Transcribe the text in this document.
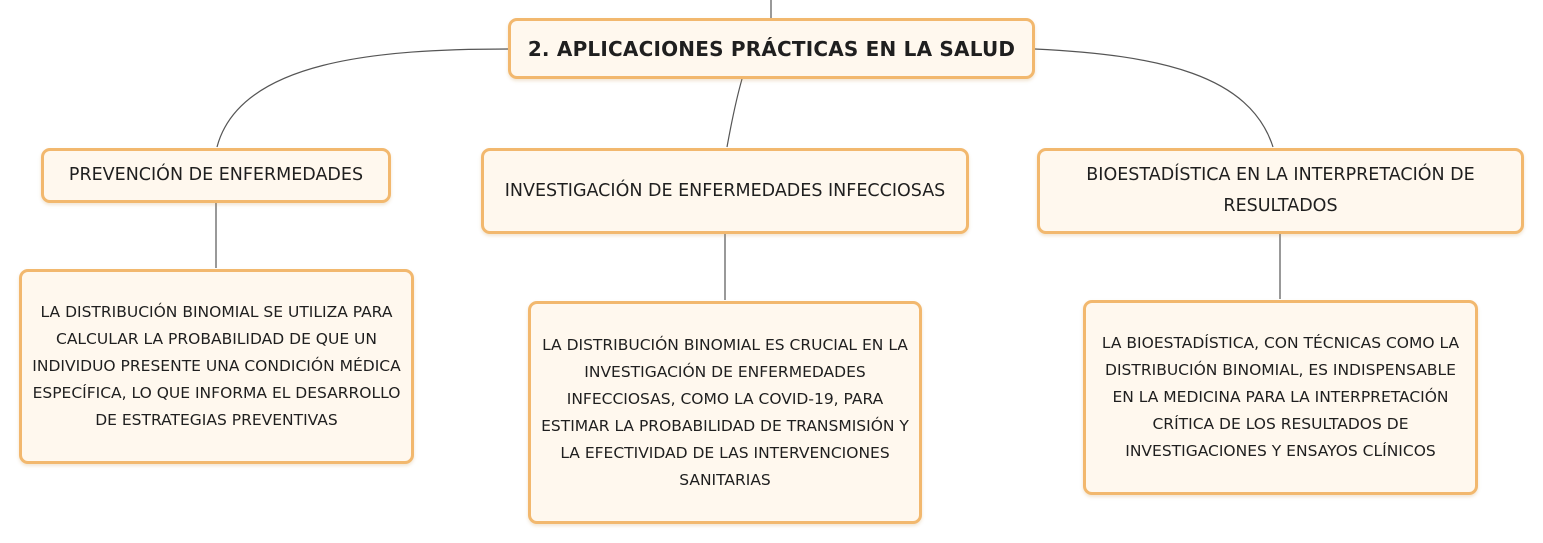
2. APLICACIONES PRÁCTICAS EN LA SALUD
PREVENCIÓN DE ENFERMEDADES
INVESTIGACIÓN DE ENFERMEDADES INFECCIOSAS
BIOESTADÍSTICA EN LA INTERPRETACIÓN DE RESULTADOS
LA DISTRIBUCIÓN BINOMIAL SE UTILIZA PARA CALCULAR LA PROBABILIDAD DE QUE UN INDIVIDUO PRESENTE UNA CONDICIÓN MÉDICA ESPECÍFICA, LO QUE INFORMA EL DESARROLLO DE ESTRATEGIAS PREVENTIVAS
LA DISTRIBUCIÓN BINOMIAL ES CRUCIAL EN LA INVESTIGACIÓN DE ENFERMEDADES INFECCIOSAS, COMO LA COVID-19, PARA ESTIMAR LA PROBABILIDAD DE TRANSMISIÓN Y LA EFECTIVIDAD DE LAS INTERVENCIONES SANITARIAS
LA BIOESTADÍSTICA, CON TÉCNICAS COMO LA DISTRIBUCIÓN BINOMIAL, ES INDISPENSABLE EN LA MEDICINA PARA LA INTERPRETACIÓN CRÍTICA DE LOS RESULTADOS DE INVESTIGACIONES Y ENSAYOS CLÍNICOS
